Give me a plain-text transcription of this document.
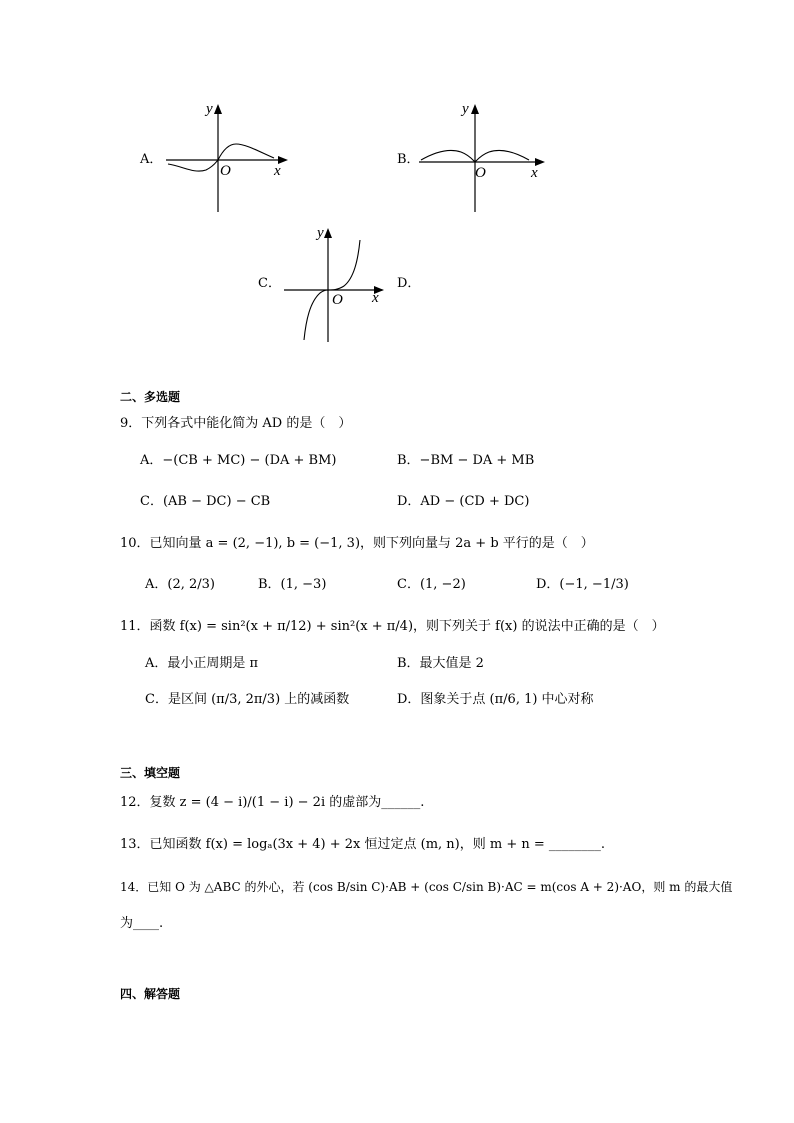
A．
y
O	x
B．
y
O	x
C．
y
O x
D．
二、多选题
9．下列各式中能化简为 AD 的是（　）
A．−(CB + MC) − (DA + BM)	B．−BM − DA + MB
C．(AB − DC) − CB	D．AD − (CD + DC)
10．已知向量 a = (2, −1), b = (−1, 3)，则下列向量与 2a + b 平行的是（　）
A．(2, 2/3)	B．(1, −3)	C．(1, −2)	D．(−1, −1/3)
11．函数 f(x) = sin²(x + π/12) + sin²(x + π/4)，则下列关于 f(x) 的说法中正确的是（　）
A．最小正周期是 π	B．最大值是 2
C．是区间 (π/3, 2π/3) 上的减函数	D．图象关于点 (π/6, 1) 中心对称
三、填空题
12．复数 z = (4 − i)/(1 − i) − 2i 的虚部为______.
13．已知函数 f(x) = logₐ(3x + 4) + 2x 恒过定点 (m, n)，则 m + n = ________.
14．已知 O 为 △ABC 的外心，若 (cos B/sin C)·AB + (cos C/sin B)·AC = m(cos A + 2)·AO，则 m 的最大值
为____.
四、解答题
